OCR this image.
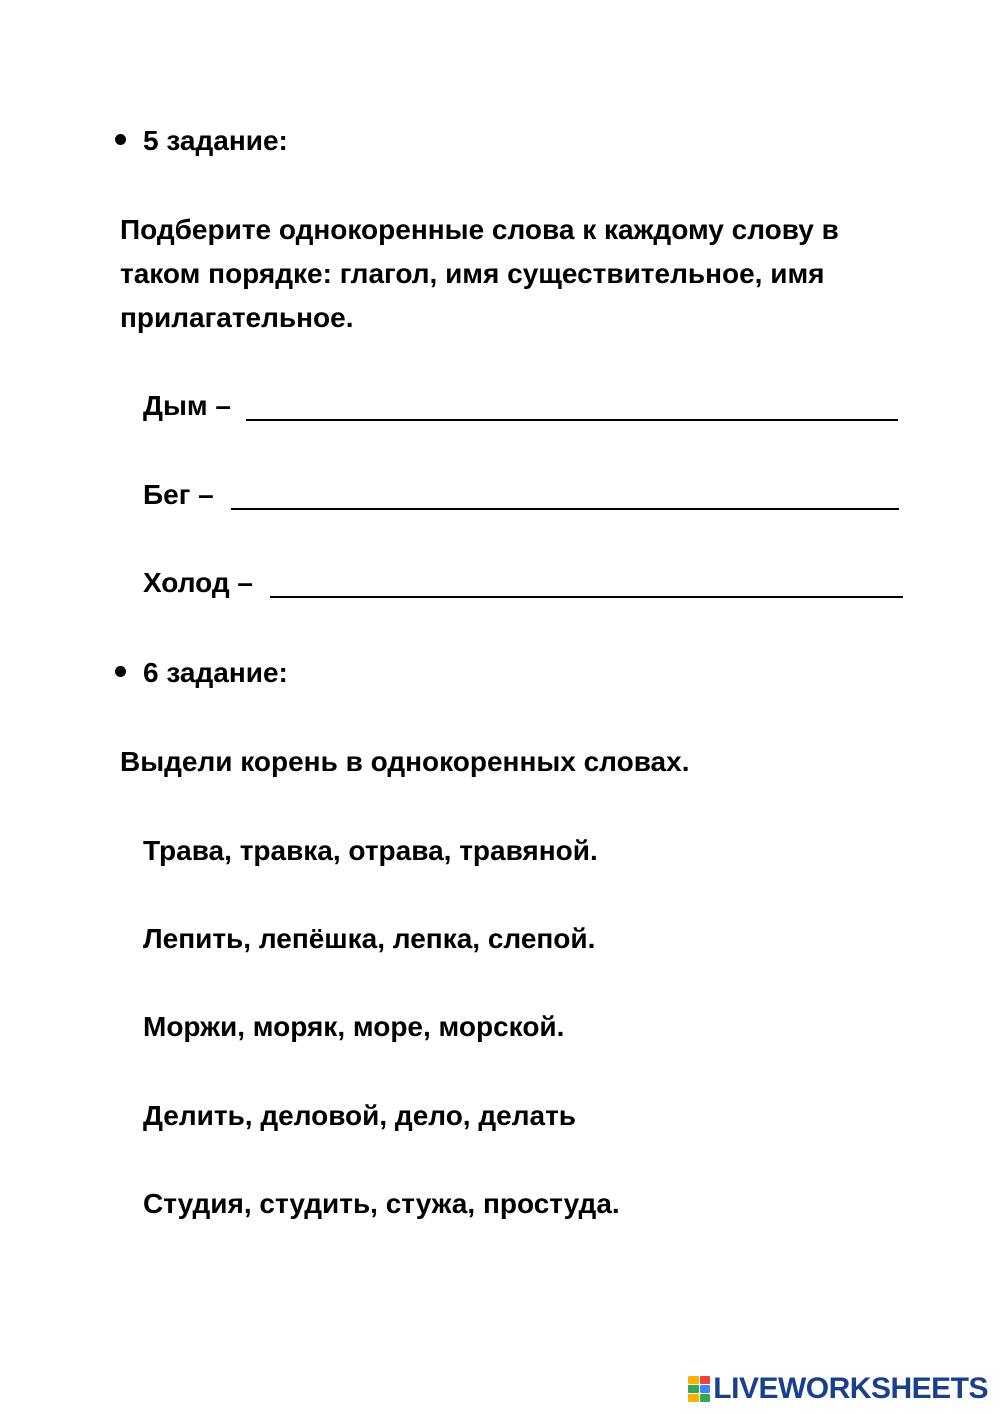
5 задание:
Подберите однокоренные слова к каждому слову в таком порядке: глагол, имя существительное, имя прилагательное.
Дым –
Бег –
Холод –
6 задание:
Выдели корень в однокоренных словах.
Трава, травка, отрава, травяной.
Лепить, лепёшка, лепка, слепой.
Моржи, моряк, море, морской.
Делить, деловой, дело, делать
Студия, студить, стужа, простуда.
LIVEWORKSHEETS
